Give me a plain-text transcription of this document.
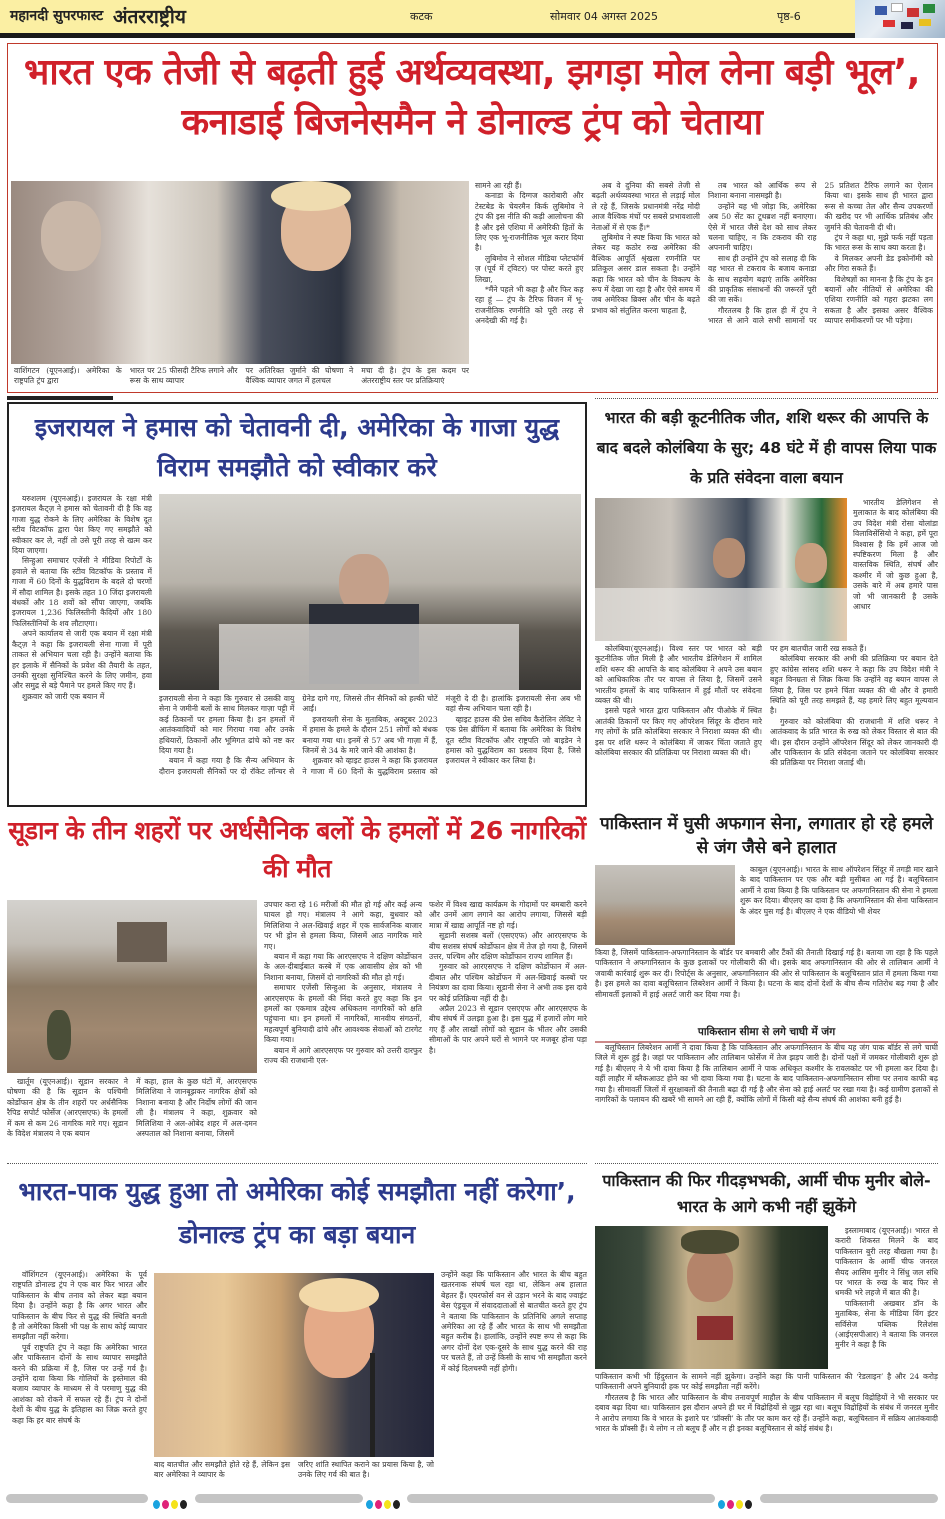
महानदी सुपरफास्ट अंतरराष्ट्रीय	कटक	सोमवार 04 अगस्त 2025	पृष्ठ-6
भारत एक तेजी से बढ़ती हुई अर्थव्यवस्था, झगड़ा मोल लेना बड़ी भूल’, कनाडाई बिजनेसमैन ने डोनाल्ड ट्रंप को चेताया
वाशिंगटन (यूएनआई)। अमेरिका के राष्ट्रपति ट्रंप द्वारा
भारत पर 25 फीसदी टैरिफ लगाने और रूस के साथ व्यापार
पर अतिरिक्त जुर्माने की घोषणा ने वैश्विक व्यापार जगत में हलचल
मचा दी है। ट्रंप के इस कदम पर अंतरराष्ट्रीय स्तर पर प्रतिक्रियाएं

सामने आ रही हैं।

कनाडा के दिग्गज कारोबारी और टेस्टबेड के चेयरमैन किर्क लुबिमोव ने ट्रंप की इस नीति की कड़ी आलोचना की है और इसे एशिया में अमेरिकी हितों के लिए एक भू-राजनीतिक भूल करार दिया है।

लुबिमोव ने सोशल मीडिया प्लेटफॉर्म ज़ (पूर्व में ट्विटर) पर पोस्ट करते हुए लिखा,

*मैंने पहले भी कहा है और फिर कह रहा हूं — ट्रंप के टैरिफ विजन में भू-राजनीतिक रणनीति को पूरी तरह से अनदेखी की गई है।

अब वे दुनिया की सबसे तेजी से बढ़ती अर्थव्यवस्था भारत से लड़ाई मोल ले रहे हैं, जिसके प्रधानमंत्री नरेंद्र मोदी आज वैश्विक मंचों पर सबसे प्रभावशाली नेताओं में से एक हैं।*

लुबिमोव ने स्पष्ट किया कि भारत को लेकर यह कठोर रुख अमेरिका की वैश्विक आपूर्ति श्रृंखला रणनीति पर प्रतिकूल असर डाल सकता है। उन्होंने कहा कि भारत को चीन के विकल्प के रूप में देखा जा रहा है और ऐसे समय में जब अमेरिका ब्रिक्स और चीन के बढ़ते प्रभाव को संतुलित करना चाहता है,

तब भारत को आर्थिक रूप से निशाना बनाना नासमझी है।

उन्होंने यह भी जोड़ा कि, अमेरिका अब 50 सेंट का टूथब्रश नहीं बनाएगा। ऐसे में भारत जैसे देश को साथ लेकर चलना चाहिए, न कि टकराव की राह अपनानी चाहिए।

साथ ही उन्होंने ट्रंप को सलाह दी कि वह भारत से टकराव के बजाय कनाडा के साथ सहयोग बढ़ाएं ताकि अमेरिका की प्राकृतिक संसाधनों की जरूरतें पूरी की जा सकें।

गौरतलब है कि हाल ही में ट्रंप ने भारत से आने वाले सभी सामानों पर 25 प्रतिशत टैरिफ लगाने का ऐलान किया था। इसके साथ ही भारत द्वारा रूस से कच्चा तेल और सैन्य उपकरणों की खरीद पर भी आर्थिक प्रतिबंध और जुर्माने की चेतावनी दी थी।

ट्रंप ने कहा था, मुझे फर्क नहीं पड़ता कि भारत रूस के साथ क्या करता है।

वे मिलकर अपनी डेड इकोनॉमी को और गिरा सकते हैं।

विशेषज्ञों का मानना है कि ट्रंप के इन बयानों और नीतियों से अमेरिका की एशिया रणनीति को गहरा झटका लग सकता है और इसका असर वैश्विक व्यापार समीकरणों पर भी पड़ेगा।

इजरायल ने हमास को चेतावनी दी, अमेरिका के गाजा युद्ध विराम समझौते को स्वीकार करे

यरुशलम (यूएनआई)। इजरायल के रक्षा मंत्री इजरायल कैट्ज़ ने हमास को चेतावनी दी है कि वह गाजा युद्ध रोकने के लिए अमेरिका के विशेष दूत स्टीव विटकॉफ द्वारा पेश किए गए समझौते को स्वीकार कर ले, नहीं तो उसे पूरी तरह से खत्म कर दिया जाएगा।

सिन्हुआ समाचार एजेंसी ने मीडिया रिपोर्टों के हवाले से बताया कि स्टीव विटकॉफ के प्रस्ताव में गाजा में 60 दिनों के युद्धविराम के बदले दो चरणों में सौदा शामिल है। इसके तहत 10 जिंदा इजरायली बंधकों और 18 शवों को सौंपा जाएगा, जबकि इजरायल 1,236 फिलिस्तीनी कैदियों और 180 फिलिस्तीनियों के शव लौटाएगा।

अपने कार्यालय से जारी एक बयान में रक्षा मंत्री कैट्ज़ ने कहा कि इजरायली सेना गाजा में पूरी ताकत से अभियान चला रही है। उन्होंने बताया कि हर इलाके में सैनिकों के प्रवेश की तैयारी के तहत, उनकी सुरक्षा सुनिश्चित करने के लिए जमीन, हवा और समुद्र से बड़े पैमाने पर हमले किए गए हैं।

शुक्रवार को जारी एक बयान में	इजरायली सेना ने कहा कि गुरुवार से उसकी वायु सेना ने जमीनी बलों के साथ मिलकर गाज़ा पट्टी में कई ठिकानों पर हमला किया है। इन हमलों में आतंकवादियों को मार गिराया गया और उनके हथियारों, ठिकानों और भूमिगत ढांचे को नष्ट कर दिया गया है।

बयान में कहा गया है कि सैन्य अभियान के दौरान इजरायली सैनिकों पर दो रॉकेट लॉन्चर से ग्रेनेड दागे गए, जिससे तीन सैनिकों को हल्की चोटें आईं।

इजरायली सेना के मुताबिक, अक्टूबर 2023 में हमास के हमले के दौरान 251 लोगों को बंधक बनाया गया था। इनमें से 57 अब भी गाज़ा में हैं, जिनमें से 34 के मारे जाने की आशंका है।

शुक्रवार को व्हाइट हाउस ने कहा कि इजरायल ने गाजा में 60 दिनों के युद्धविराम प्रस्ताव को मंजूरी दे दी है। हालांकि इजरायली सेना अब भी वहां सैन्य अभियान चला रही है।

व्हाइट हाउस की प्रेस सचिव कैरोलिन लेविट ने एक प्रेस ब्रीफिंग में बताया कि अमेरिका के विशेष दूत स्टीव विटकॉफ और राष्ट्रपति जो बाइडेन ने हमास को युद्धविराम का प्रस्ताव दिया है, जिसे इजरायल ने स्वीकार कर लिया है।

भारत की बड़ी कूटनीतिक जीत, शशि थरूर की आपत्ति के बाद बदले कोलंबिया के सुर; 48 घंटे में ही वापस लिया पाक के प्रति संवेदना वाला बयान
भारतीय डेलिगेशन से मुलाकात के बाद कोलंबिया की उप विदेश मंत्री रोसा योलांडा विलाविसेंसियो ने कहा, हमें पूरा विश्वास है कि हमें आज जो स्पष्टिकरण मिला है और वास्तविक स्थिति, संघर्ष और कश्मीर में जो कुछ हुआ है, उसके बारे में अब हमारे पास जो भी जानकारी है उसके आधार

कोलंबिया(यूएनआई)। विश्व स्तर पर भारत को बड़ी कूटनीतिक जीत मिली है और भारतीय डेलिगेशन में शामिल शशि थरूर की आपत्ति के बाद कोलंबिया ने अपने उस बयान को आधिकारिक तौर पर वापस ले लिया है, जिसमें उसने भारतीय हमलों के बाद पाकिस्तान में हुई मौतों पर संवेदना व्यक्त की थी।

इससे पहले भारत द्वारा पाकिस्तान और पीओके में स्थित आतंकी ठिकानों पर किए गए ऑपरेशन सिंदूर के दौरान मारे गए लोगों के प्रति कोलंबिया सरकार ने निराशा व्यक्त की थी। इस पर शशि थरूर ने कोलंबिया में जाकर चिंता जताते हुए कोलंबिया सरकार की प्रतिक्रिया पर निराशा व्यक्त की थी।

पर हम बातचीत जारी रख सकते हैं।

कोलंबिया सरकार की अभी की प्रतिक्रिया पर बयान देते हुए कांग्रेस सांसद शशि थरूर ने कहा कि उप विदेश मंत्री ने बहुत विनम्रता से जिक्र किया कि उन्होंने वह बयान वापस ले लिया है, जिस पर हमने चिंता व्यक्त की थी और वे हमारी स्थिति को पूरी तरह समझते हैं, यह हमारे लिए बहुत मूल्यवान है।

गुरुवार को कोलंबिया की राजधानी में शशि थरूर ने आतंकवाद के प्रति भारत के रुख को लेकर विस्तार से बात की थी। इस दौरान उन्होंने ऑपरेशन सिंदूर को लेकर जानकारी दी और पाकिस्तान के प्रति संवेदना जताने पर कोलंबिया सरकार की प्रतिक्रिया पर निराशा जताई थी।

सूडान के तीन शहरों पर अर्धसैनिक बलों के हमलों में 26 नागरिकों की मौत
खार्तूम (यूएनआई)। सूडान सरकार ने घोषणा की है कि सूडान के पश्चिमी कोर्डोफान क्षेत्र के तीन शहरों पर अर्धसैनिक रैपिड सपोर्ट फोर्सेज (आरएसएफ) के हमलों में कम से कम 26 नागरिक मारे गए। सूडान के विदेश मंत्रालय ने एक बयान
में कहा, हाल के कुछ घंटों में, आरएसएफ मिलिशिया ने जानबूझकर नागरिक क्षेत्रों को निशाना बनाया है और निर्दोष लोगों की जान ली है। मंत्रालय ने कहा, शुक्रवार को मिलिशिया ने अल-ओबेद शहर में अल-दमन अस्पताल को निशाना बनाया, जिसमें

उपचार करा रहे 16 मरीजों की मौत हो गई और कई अन्य घायल हो गए। मंत्रालय ने आगे कहा, बुधवार को मिलिशिया ने अल-खिवाई शहर में एक सार्वजनिक बाजार पर भी ड्रोन से हमला किया, जिसमें आठ नागरिक मारे गए।

बयान में कहा गया कि आरएसएफ ने दक्षिण कोर्डोफान के अल-दीबाईबात कस्बे में एक आवासीय क्षेत्र को भी निशाना बनाया, जिसमें दो नागरिकों की मौत हो गई।

समाचार एजेंसी सिन्हुआ के अनुसार, मंत्रालय ने आरएसएफ के हमलों की निंदा करते हुए कहा कि इन हमलों का एकमात्र उद्देश्य अधिकतम नागरिकों को क्षति पहुंचाना था। इन हमलों में नागरिकों, मानवीय संगठनों, महत्वपूर्ण बुनियादी ढांचे और आवश्यक सेवाओं को टारगेट किया गया।

बयान में आगे आरएसएफ पर गुरुवार को उत्तरी दारफुर राज्य की राजधानी एल-

फशेर में विश्व खाद्य कार्यक्रम के गोदामों पर बमबारी करने और उनमें आग लगाने का आरोप लगाया, जिससे बड़ी मात्रा में खाद्य आपूर्ति नष्ट हो गई।

सूडानी सशस्त्र बलों (एसएएफ) और आरएसएफ के बीच सशस्त्र संघर्ष कोर्डोफान क्षेत्र में तेज हो गया है, जिसमें उत्तर, पश्चिम और दक्षिण कोर्डोफान राज्य शामिल हैं।

गुरुवार को आरएसएफ ने दक्षिण कोर्डोफान में अल-दीबात और पश्चिम कोर्डोफन में अल-खिवाई कस्बों पर नियंत्रण का दावा किया। सूडानी सेना ने अभी तक इस दावे पर कोई प्रतिक्रिया नहीं दी है।

अप्रैल 2023 से सूडान एसएएफ और आरएसएफ के बीच संघर्ष में उलझा हुआ है। इस युद्ध में हजारों लोग मारे गए हैं और लाखों लोगों को सूडान के भीतर और उसकी सीमाओं के पार अपने घरों से भागने पर मजबूर होना पड़ा है।

पाकिस्तान में घुसी अफगान सेना, लगातार हो रहे हमले से जंग जैसे बने हालात
काबुल (यूएनआई)। भारत के साथ ऑपरेशन सिंदूर में तगड़ी मार खाने के बाद पाकिस्तान पर एक और बड़ी मुसीबत आ गई है। बलूचिस्तान आर्मी ने दावा किया है कि पाकिस्तान पर अफगानिस्तान की सेना ने हमला शुरू कर दिया। बीएलए का दावा है कि अफगानिस्तान की सेना पाकिस्तान के अंदर घुस गई है। बीएलए ने एक वीडियो भी शेयर
किया है, जिसमें पाकिस्तान-अफगानिस्तान के बॉर्डर पर बमबारी और टैंकों की तैनाती दिखाई गई है। बताया जा रहा है कि पहले पाकिस्तान ने अफगानिस्तान के कुछ इलाकों पर गोलीबारी की थी। इसके बाद अफगानिस्तान की ओर से तालिबान आर्मी ने जवाबी कार्रवाई शुरू कर दी। रिपोर्ट्स के अनुसार, अफगानिस्तान की ओर से पाकिस्तान के बलूचिस्तान प्रांत में हमला किया गया है। इस हमले का दावा बलूचिस्तान लिबरेशन आर्मी ने किया है। घटना के बाद दोनों देशों के बीच सैन्य गतिरोध बढ़ गया है और सीमावर्ती इलाकों में हाई अलर्ट जारी कर दिया गया है।
पाकिस्तान सीमा से लगे चाघी में जंग
बलूचिस्तान लिबरेशन आर्मी ने दावा किया है कि पाकिस्तान और अफगानिस्तान के बीच यह जंग पाक बॉर्डर से लगे चाघी जिले में शुरू हुई है। जहां पर पाकिस्तान और तालिबान फोर्सेज में तेज झड़प जारी है। दोनों पक्षों में जमकर गोलीबारी शुरू हो गई है। बीएलए ने ये भी दावा किया है कि तालिबान आर्मी ने पाक अधिकृत कश्मीर के रावलकोट पर भी हमला कर दिया है। वहीं लाहौर में ब्लैकआउट होने का भी दावा किया गया है। घटना के बाद पाकिस्तान-अफगानिस्तान सीमा पर तनाव काफी बढ़ गया है। सीमावर्ती जिलों में सुरक्षाबलों की तैनाती बढ़ा दी गई है और सेना को हाई अलर्ट पर रखा गया है। कई ग्रामीण इलाकों से नागरिकों के पलायन की खबरें भी सामने आ रही हैं, क्योंकि लोगों में किसी बड़े सैन्य संघर्ष की आशंका बनी हुई है।
भारत-पाक युद्ध हुआ तो अमेरिका कोई समझौता नहीं करेगा’, डोनाल्ड ट्रंप का बड़ा बयान

वॉशिंगटन (यूएनआई)। अमेरिका के पूर्व राष्ट्रपति डोनाल्ड ट्रंप ने एक बार फिर भारत और पाकिस्तान के बीच तनाव को लेकर बड़ा बयान दिया है। उन्होंने कहा है कि अगर भारत और पाकिस्तान के बीच फिर से युद्ध की स्थिति बनती है तो अमेरिका किसी भी पक्ष के साथ कोई व्यापार समझौता नहीं करेगा।

पूर्व राष्ट्रपति ट्रंप ने कहा कि अमेरिका भारत और पाकिस्तान दोनों के साथ व्यापार समझौते करने की प्रक्रिया में है, जिस पर उन्हें गर्व है। उन्होंने दावा किया कि गोलियों के इस्तेमाल की बजाय व्यापार के माध्यम से वे परमाणु युद्ध की आशंका को रोकने में सफल रहे हैं। ट्रंप ने दोनों देशों के बीच युद्ध के इतिहास का जिक्र करते हुए कहा कि हर बार संघर्ष के

बाद बातचीत और समझौते होते रहे हैं, लेकिन इस बार अमेरिका ने व्यापार के
जरिए शांति स्थापित कराने का प्रयास किया है, जो उनके लिए गर्व की बात है।
उन्होंने कहा कि पाकिस्तान और भारत के बीच बहुत खतरनाक संघर्ष चल रहा था, लेकिन अब हालात बेहतर हैं। एयरफोर्स वन से उड़ान भरने के बाद ज्वाइंट बेस एंड्रयूज में संवाददाताओं से बातचीत करते हुए ट्रंप ने बताया कि पाकिस्तान के प्रतिनिधि अगले सप्ताह अमेरिका आ रहे हैं और भारत के साथ भी समझौता बहुत करीब है। हालांकि, उन्होंने स्पष्ट रूप से कहा कि अगर दोनों देश एक-दूसरे के साथ युद्ध करने की राह पर चलते हैं, तो उन्हें किसी के साथ भी समझौता करने में कोई दिलचस्पी नहीं होगी।
पाकिस्तान की फिर गीदड़भभकी, आर्मी चीफ मुनीर बोले- भारत के आगे कभी नहीं झुकेंगे

इस्लामाबाद (यूएनआई)। भारत से करारी शिकस्त मिलने के बाद पाकिस्तान बुरी तरह बौखला गया है। पाकिस्तान के आर्मी चीफ जनरल सैयद आसिम मुनीर ने सिंधु जल संधि पर भारत के रुख के बाद फिर से धमकी भरे लहजे में बात की है।

पाकिस्तानी अखबार डॉन के मुताबिक, सेना के मीडिया विंग इंटर सर्विसेज पब्लिक रिलेशंस (आईएसपीआर) ने बताया कि जनरल मुनीर ने कहा है कि

पाकिस्तान कभी भी हिंदुस्तान के सामने नहीं झुकेगा। उन्होंने कहा कि पानी पाकिस्तान की ‘रेडलाइन’ है और 24 करोड़ पाकिस्तानी अपने बुनियादी हक पर कोई समझौता नहीं करेंगे।

गौरतलब है कि भारत और पाकिस्तान के बीच तनावपूर्ण माहौल के बीच पाकिस्तान में बलूच विद्रोहियों ने भी सरकार पर दबाव बढ़ा दिया था। पाकिस्तान इस दौरान अपने ही घर में विद्रोहियों से जूझ रहा था। बलूच विद्रोहियों के संबंध में जनरल मुनीर ने आरोप लगाया कि वे भारत के इशारे पर ‘प्रॉक्सी’ के तौर पर काम कर रहे हैं। उन्होंने कहा, बलूचिस्तान में सक्रिय आतंकवादी भारत के प्रॉक्सी हैं। ये लोग न तो बलूच हैं और न ही इनका बलूचिस्तान से कोई संबंध है।
